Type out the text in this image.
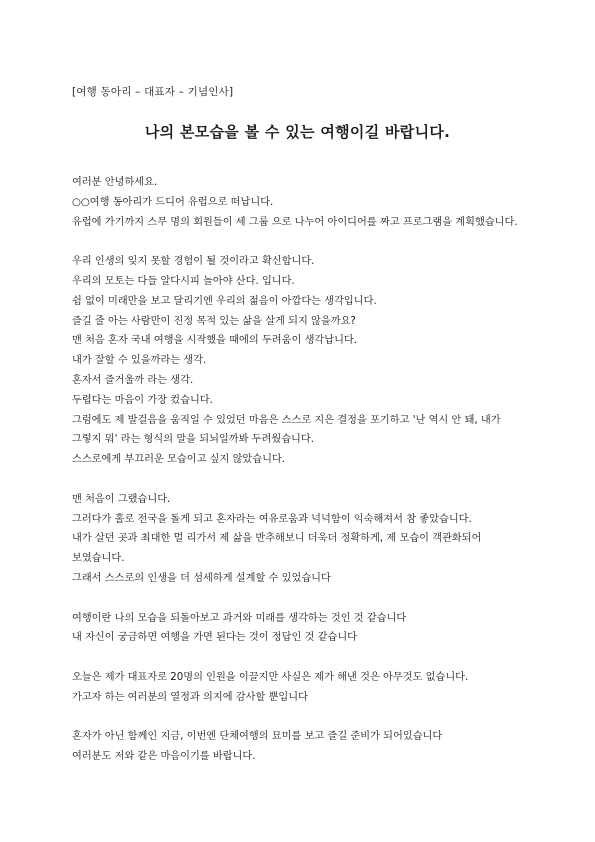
[여행 동아리 – 대표자 – 기념인사]
나의 본모습을 볼 수 있는 여행이길 바랍니다.
여러분 안녕하세요.
○○여행 동아리가 드디어 유럽으로 떠납니다.
유럽에 가기까지 스무 명의 회원들이 세 그룹 으로 나누어 아이디어를 짜고 프로그램을 계획했습니다.
우리 인생의 잊지 못할 경험이 될 것이라고 확신합니다.
우리의 모토는 다들 알다시피 놀아야 산다. 입니다.
쉼 없이 미래만을 보고 달리기엔 우리의 젊음이 아깝다는 생각입니다.
즐길 줄 아는 사람만이 진정 목적 있는 삶을 살게 되지 않을까요?
맨 처음 혼자 국내 여행을 시작했을 때에의 두려움이 생각납니다.
내가 잘할 수 있을까라는 생각.
혼자서 즐거울까 라는 생각.
두렵다는 마음이 가장 컸습니다.
그럼에도 제 발걸음을 움직일 수 있었던 마음은 스스로 지은 결정을 포기하고 '난 역시 안 돼, 내가 그렇지 뭐' 라는 형식의 말을 되뇌일까봐 두려웠습니다.
스스로에게 부끄러운 모습이고 싶지 않았습니다.
맨 처음이 그랬습니다.
그러다가 홀로 전국을 돌게 되고 혼자라는 여유로움과 넉넉함이 익숙해져서 참 좋았습니다.
내가 살던 곳과 최대한 멀 리가서 제 삶을 반추해보니 더욱더 정확하게, 제 모습이 객관화되어 보였습니다.
그래서 스스로의 인생을 더 섬세하게 설계할 수 있었습니다
여행이란 나의 모습을 되돌아보고 과거와 미래를 생각하는 것인 것 같습니다
내 자신이 궁금하면 여행을 가면 된다는 것이 정답인 것 같습니다
오늘은 제가 대표자로 20명의 인원을 이끌지만 사실은 제가 해낸 것은 아무것도 없습니다.
가고자 하는 여러분의 열정과 의지에 감사할 뿐입니다
혼자가 아닌 함께인 지금, 이번엔 단체여행의 묘미를 보고 즐길 준비가 되어있습니다
여러분도 저와 같은 마음이기를 바랍니다.
